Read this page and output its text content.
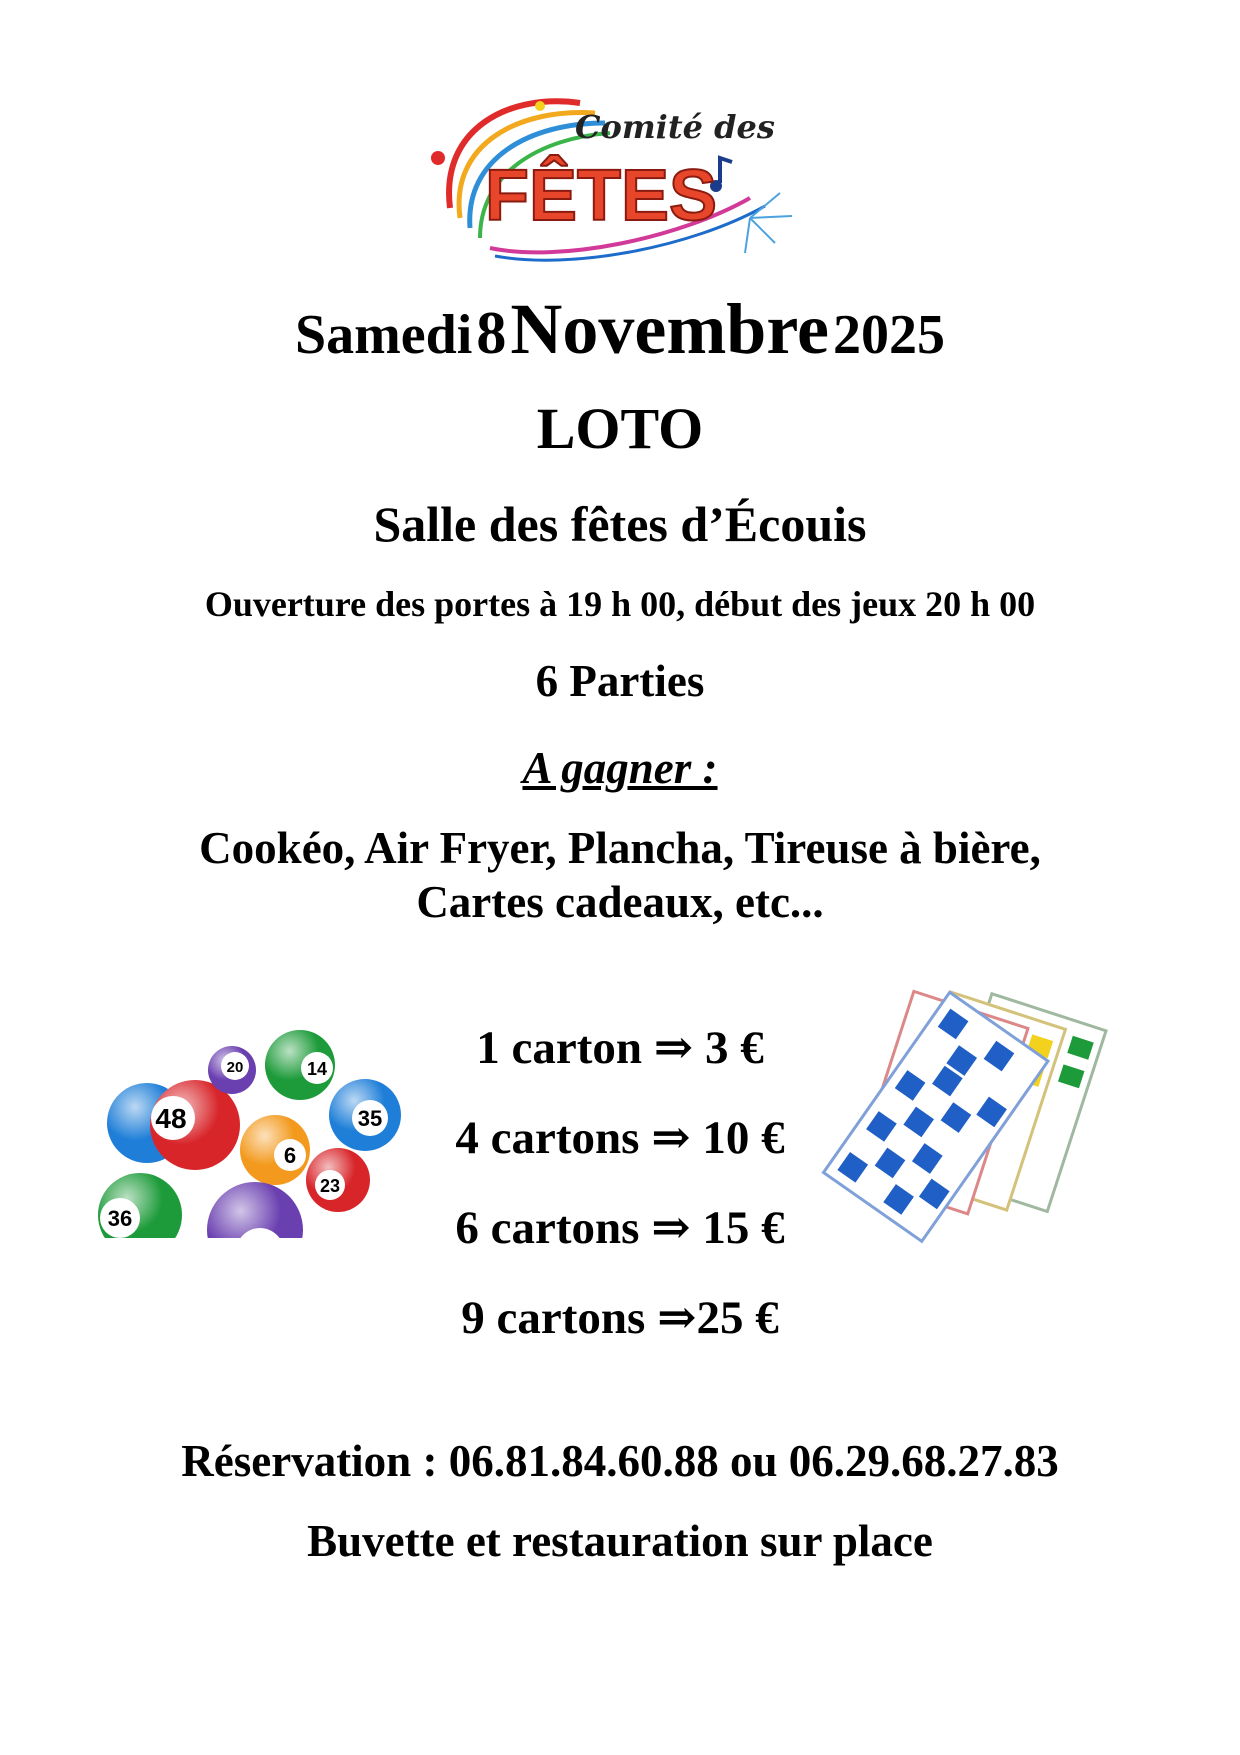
Comité des
FÊTES
Samedi 8 Novembre 2025
LOTO
Salle des fêtes d’Écouis
Ouverture des portes à 19 h 00, début des jeux 20 h 00
6 Parties
A gagner :
Cookéo, Air Fryer, Plancha, Tireuse à bière,
Cartes cadeaux, etc...
36
48
20	14
35
6
23
1 carton ⇒ 3 €
4 cartons ⇒ 10 €
6 cartons ⇒ 15 €
9 cartons ⇒25 €
Réservation : 06.81.84.60.88 ou 06.29.68.27.83
Buvette et restauration sur place
